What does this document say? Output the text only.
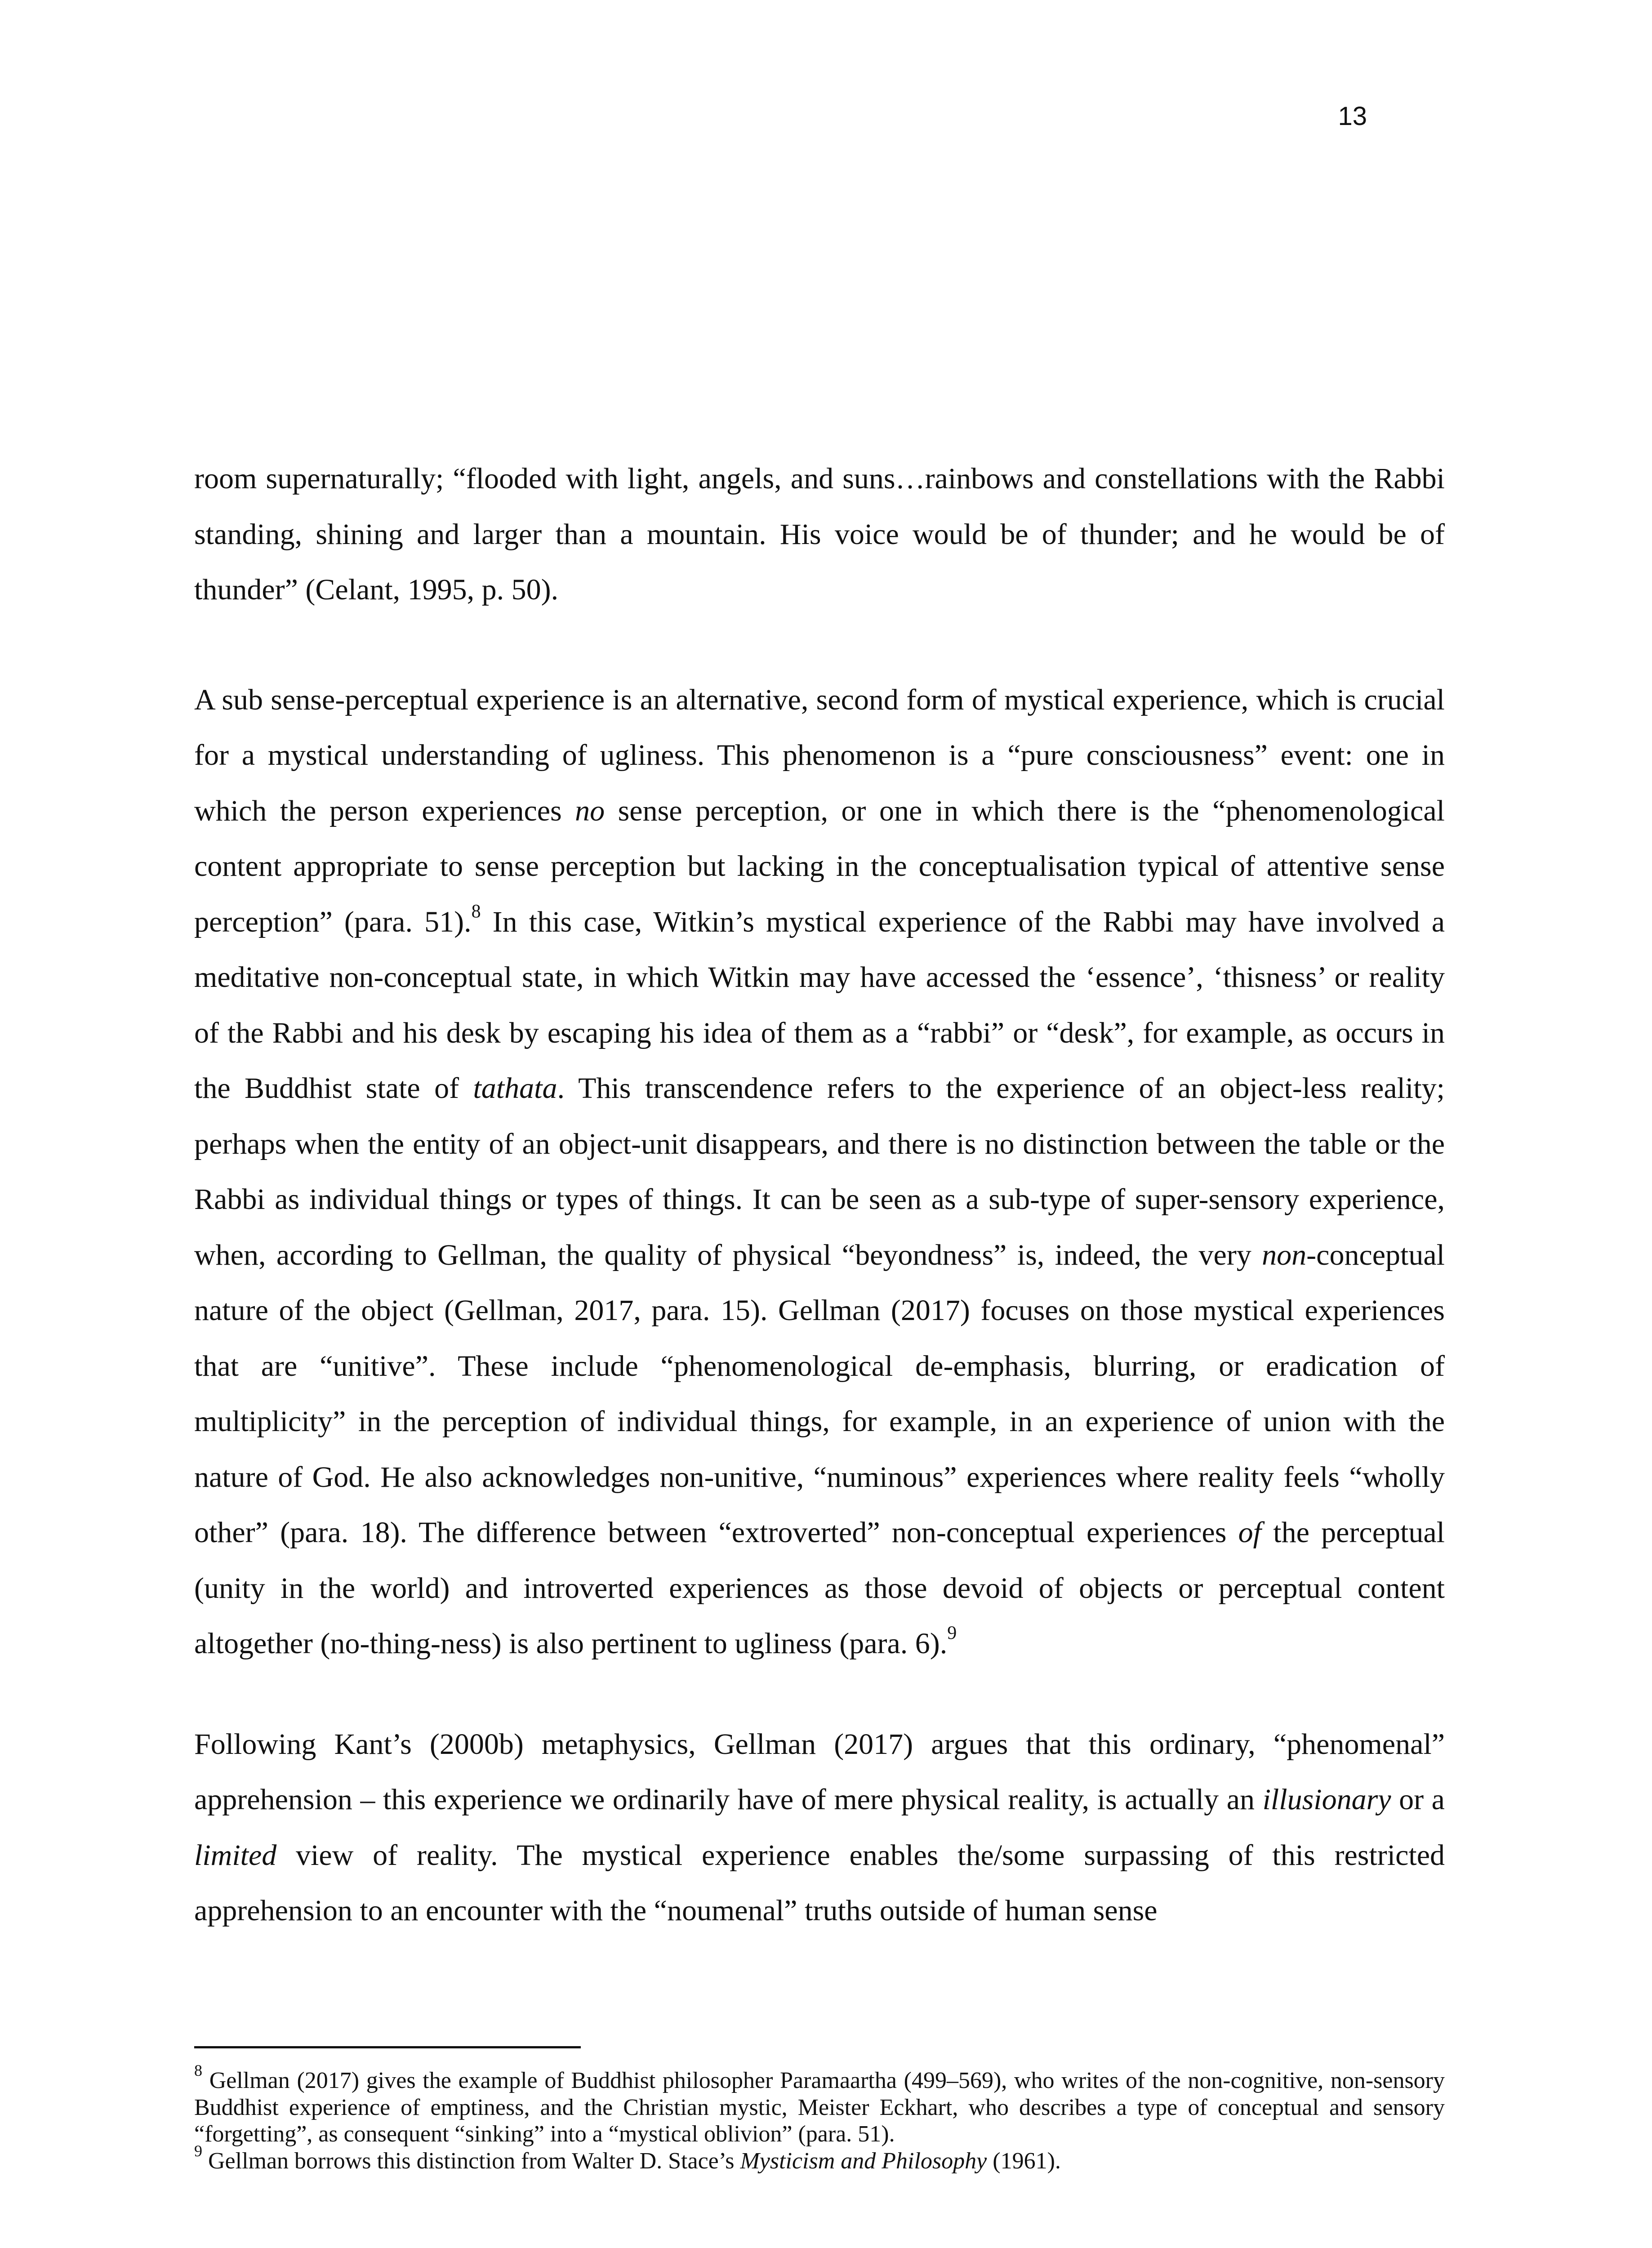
13

room supernaturally; “flooded with light, angels, and suns…rainbows and constellations with the Rabbi standing, shining and larger than a mountain. His voice would be of thunder; and he would be of thunder” (Celant, 1995, p. 50).

A sub sense-perceptual experience is an alternative, second form of mystical experience, which is crucial for a mystical understanding of ugliness. This phenomenon is a “pure consciousness” event: one in which the person experiences no sense perception, or one in which there is the “phenomenological content appropriate to sense perception but lacking in the conceptualisation typical of attentive sense perception” (para. 51).$^8$ In this case, Witkin’s mystical experience of the Rabbi may have involved a meditative non-conceptual state, in which Witkin may have accessed the ‘essence’, ‘thisness’ or reality of the Rabbi and his desk by escaping his idea of them as a “rabbi” or “desk”, for example, as occurs in the Buddhist state of tathata. This transcendence refers to the experience of an object-less reality; perhaps when the entity of an object-unit disappears, and there is no distinction between the table or the Rabbi as individual things or types of things. It can be seen as a sub-type of super-sensory experience, when, according to Gellman, the quality of physical “beyondness” is, indeed, the very non-conceptual nature of the object (Gellman, 2017, para. 15). Gellman (2017) focuses on those mystical experiences that are “unitive”. These include “phenomenological de-emphasis, blurring, or eradication of multiplicity” in the perception of individual things, for example, in an experience of union with the nature of God. He also acknowledges non-unitive, “numinous” experiences where reality feels “wholly other” (para. 18). The difference between “extroverted” non-conceptual experiences of the perceptual (unity in the world) and introverted experiences as those devoid of objects or perceptual content altogether (no-thing-ness) is also pertinent to ugliness (para. 6).$^9$

Following Kant’s (2000b) metaphysics, Gellman (2017) argues that this ordinary, “phenomenal” apprehension – this experience we ordinarily have of mere physical reality, is actually an illusionary or a limited view of reality. The mystical experience enables the/some surpassing of this restricted apprehension to an encounter with the “noumenal” truths outside of human sense

$^8$ Gellman (2017) gives the example of Buddhist philosopher Paramaartha (499–569), who writes of the non-cognitive, non-sensory Buddhist experience of emptiness, and the Christian mystic, Meister Eckhart, who describes a type of conceptual and sensory “forgetting”, as consequent “sinking” into a “mystical oblivion” (para. 51).

$^9$ Gellman borrows this distinction from Walter D. Stace’s Mysticism and Philosophy (1961).
